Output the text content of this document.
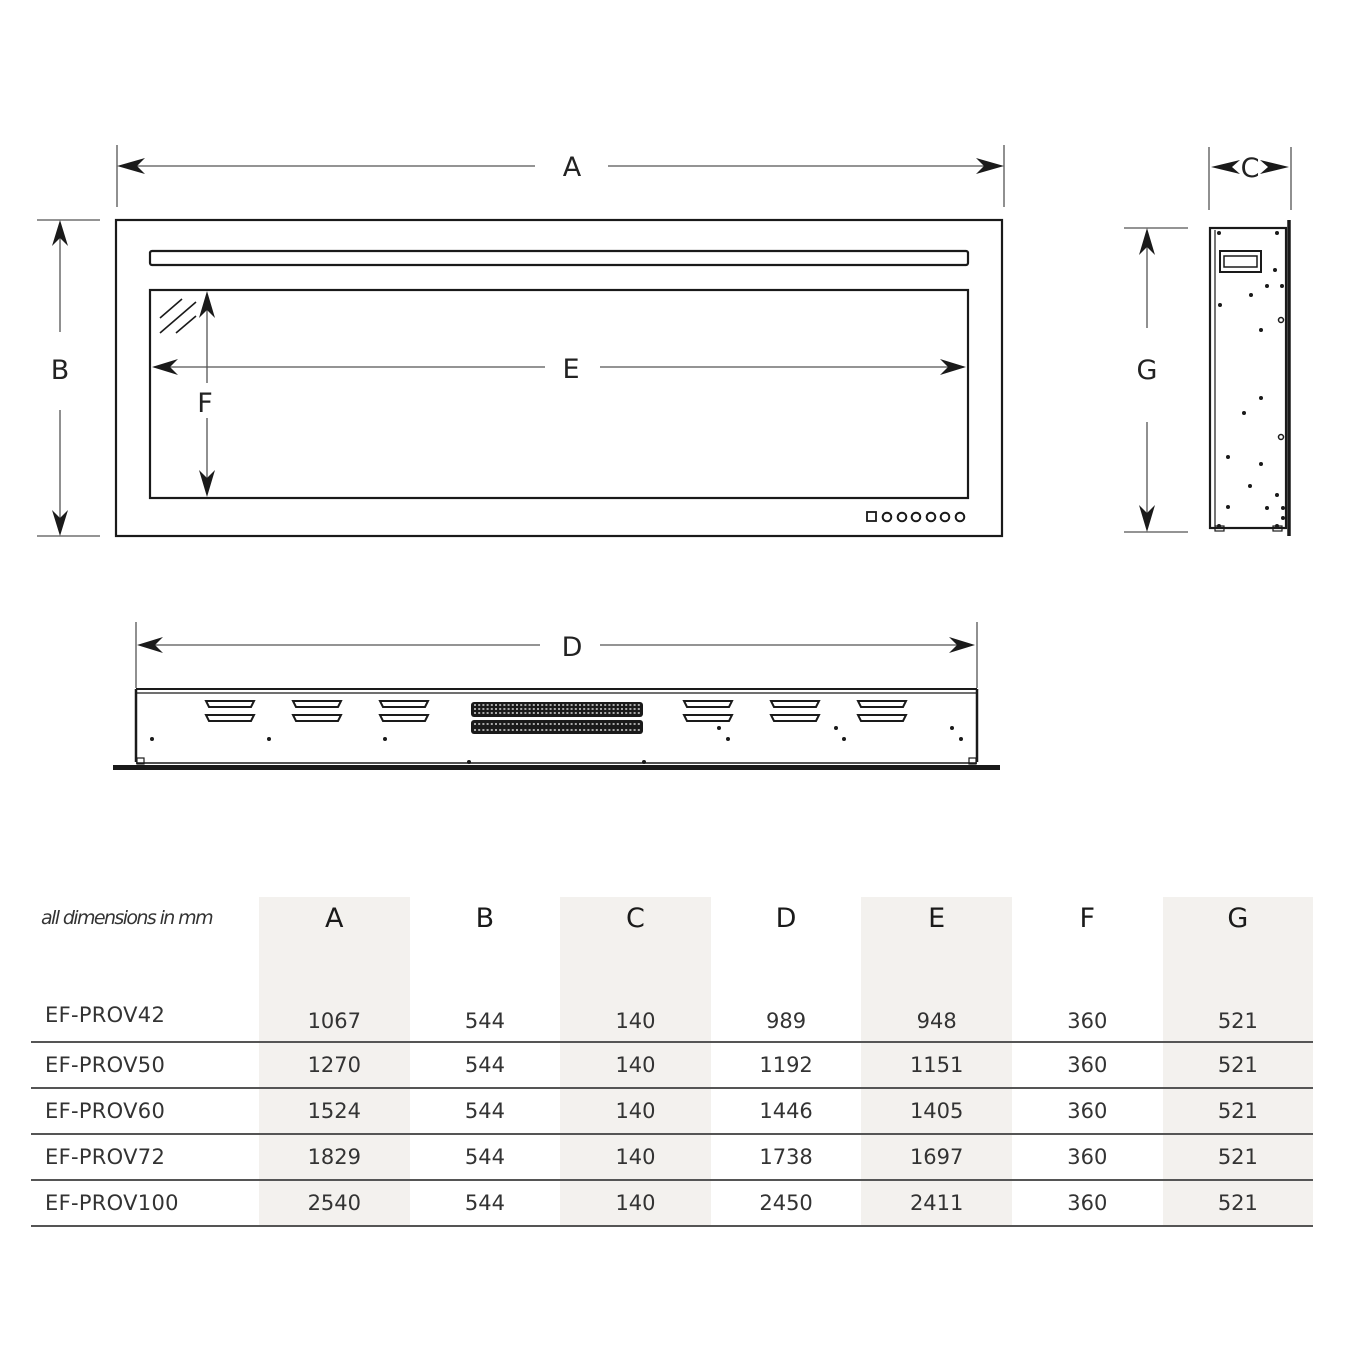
A
B	E
F
C
G
D
all dimensions in mm	A	B	C	D	E	F	G
EF-PROV42	1067	544	140	989	948	360	521
EF-PROV50	1270	544	140	1192	1151	360	521
EF-PROV60	1524	544	140	1446	1405	360	521
EF-PROV72	1829	544	140	1738	1697	360	521
EF-PROV100	2540	544	140	2450	2411	360	521
